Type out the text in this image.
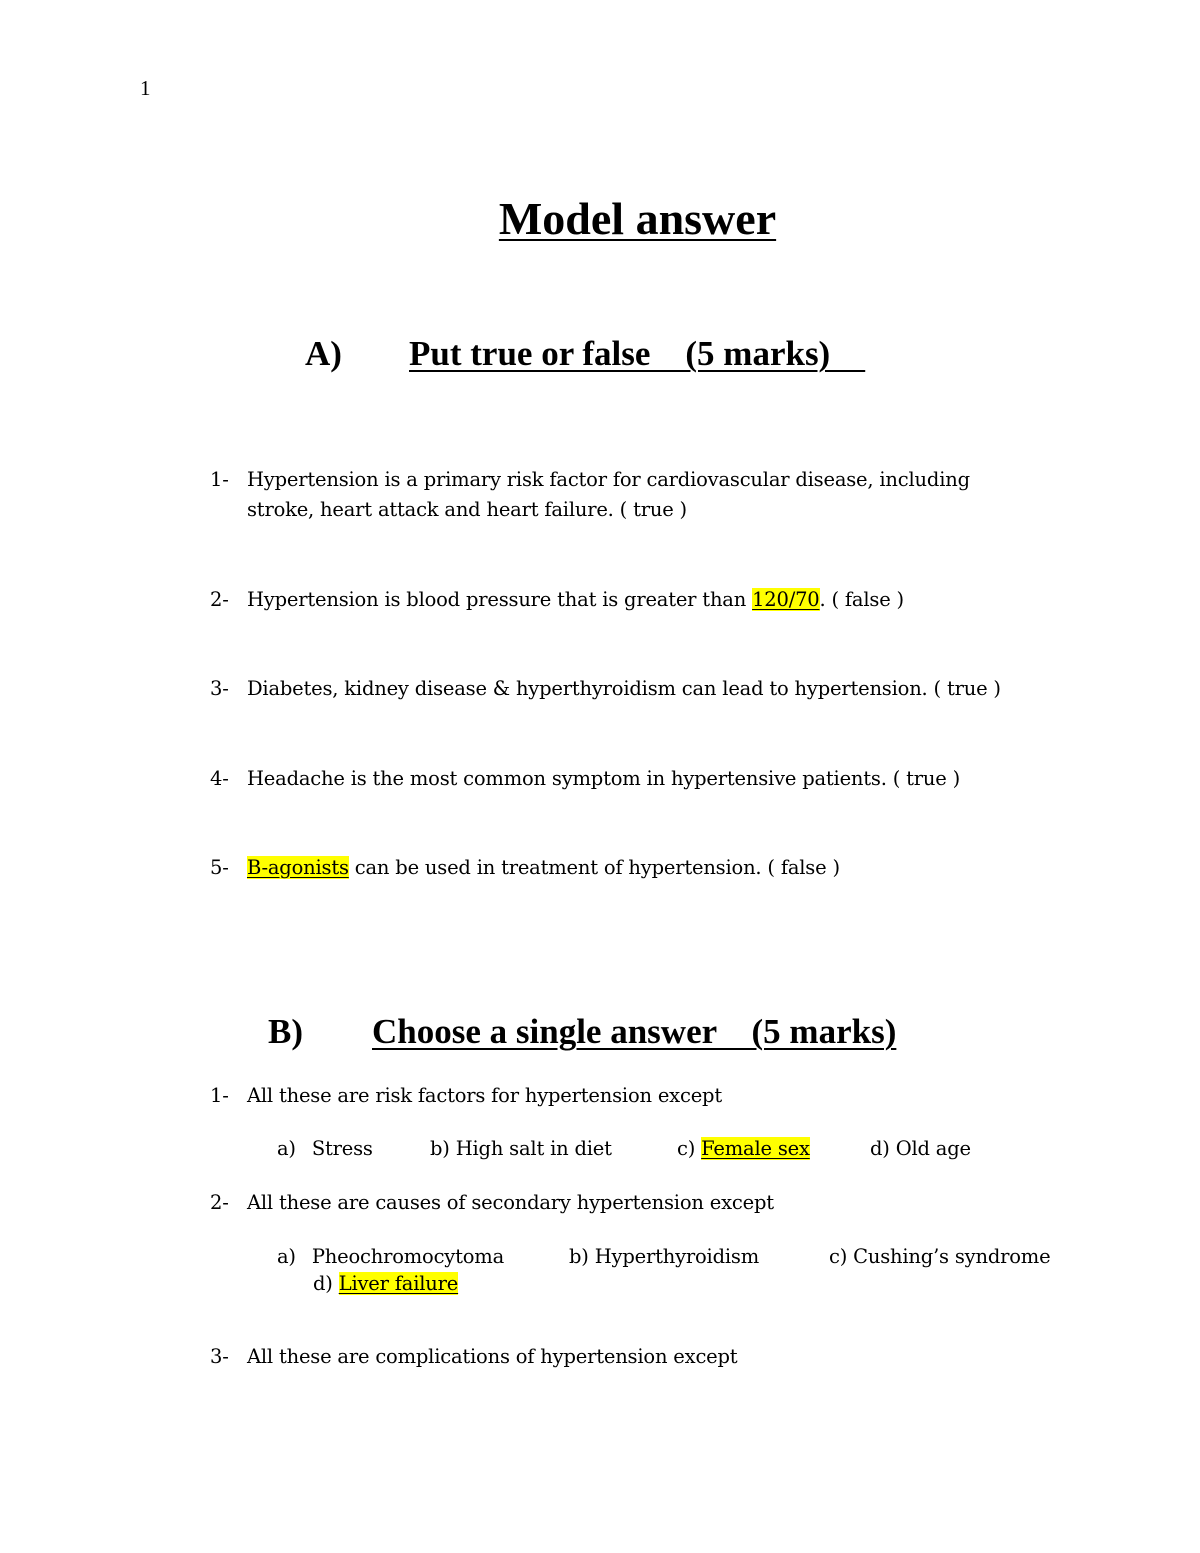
1
Model answer
A) Put true or false    (5 marks)
1- Hypertension is a primary risk factor for cardiovascular disease, including
stroke, heart attack and heart failure. ( true )
2- Hypertension is blood pressure that is greater than 120/70. ( false )
3- Diabetes, kidney disease & hyperthyroidism can lead to hypertension. ( true )
4- Headache is the most common symptom in hypertensive patients. ( true )
5- B-agonists can be used in treatment of hypertension. ( false )
B) Choose a single answer    (5 marks)
1- All these are risk factors for hypertension except
a) Stress	b) High salt in diet	c) Female sex	d) Old age
2- All these are causes of secondary hypertension except
a) Pheochromocytoma	b) Hyperthyroidism	c) Cushing’s syndrome
d) Liver failure
3- All these are complications of hypertension except
